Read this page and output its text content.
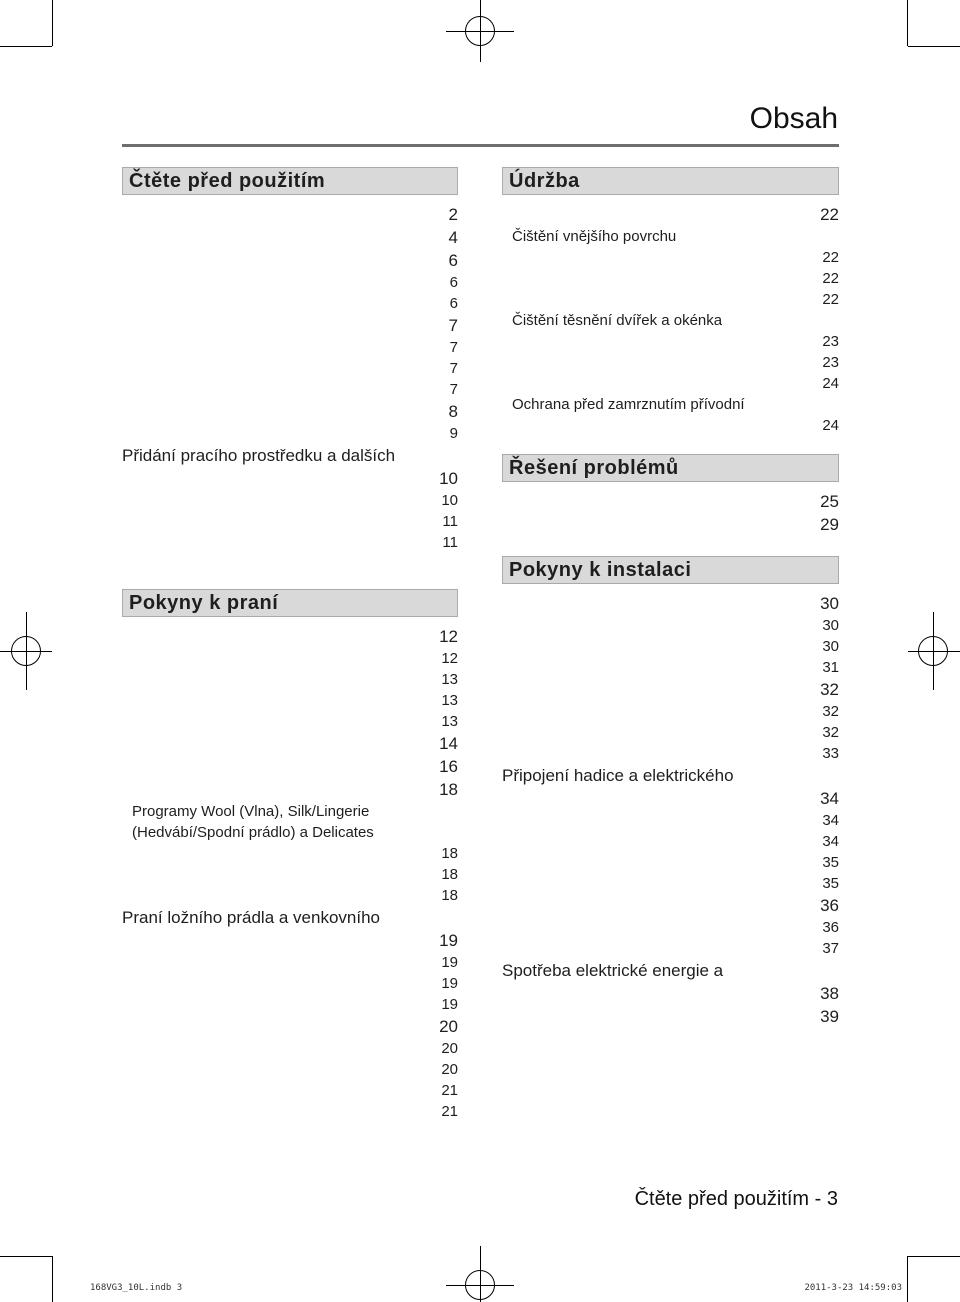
Obsah
Čtěte před použitím
. . .
2
. . .
4
. . .
6
. . .
6
. . .
6
. . .
7
. . .
7
. . .
7
. . .
7
. . .
8
. . .
9
Přidání pracího prostředku a dalších
. . .
10
. . .
10
. . .
11
. . .
11
Pokyny k praní
. . .
12
. . .
12
. . .
13
. . .
13
. . .
13
. . .
14
. . .
16
. . .
18
Programy Wool (Vlna), Silk/Lingerie
(Hedvábí/Spodní prádlo) a Delicates
. . .
18
. . .
18
. . .
18
Praní ložního prádla a venkovního
. . .
19
. . .
19
. . .
19
. . .
19
. . .
20
. . .
20
. . .
20
. . .
21
. . .
21
Údržba
. . .
22
Čištění vnějšího povrchu
. . .
22
. . .
22
. . .
22
Čištění těsnění dvířek a okénka
. . .
23
. . .
23
. . .
24
Ochrana před zamrznutím přívodní
. . .
24
Řešení problémů
. . .
25
. . .
29
Pokyny k instalaci
. . .
30
. . .
30
. . .
30
. . .
31
. . .
32
. . .
32
. . .
32
. . .
33
Připojení hadice a elektrického
. . .
34
. . .
34
. . .
34
. . .
35
. . .
35
. . .
36
. . .
36
. . .
37
Spotřeba elektrické energie a
. . .
38
. . .
39
Čtěte před použitím - 3
168VG3_10L.indb 3	2011-3-23 14:59:03
